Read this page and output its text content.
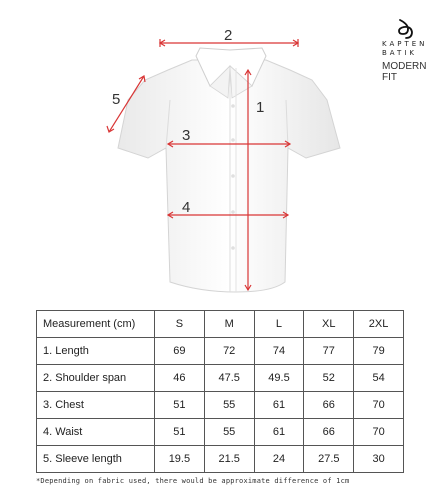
1
2
3
4
5
KAPTEN
BATIK
MODERN
FIT
Measurement (cm)	S	M	L	XL	2XL
1. Length	69	72	74	77	79
2. Shoulder span	46	47.5	49.5	52	54
3. Chest	51	55	61	66	70
4. Waist	51	55	61	66	70
5. Sleeve length	19.5	21.5	24	27.5	30
*Depending on fabric used, there would be approximate difference of 1cm
